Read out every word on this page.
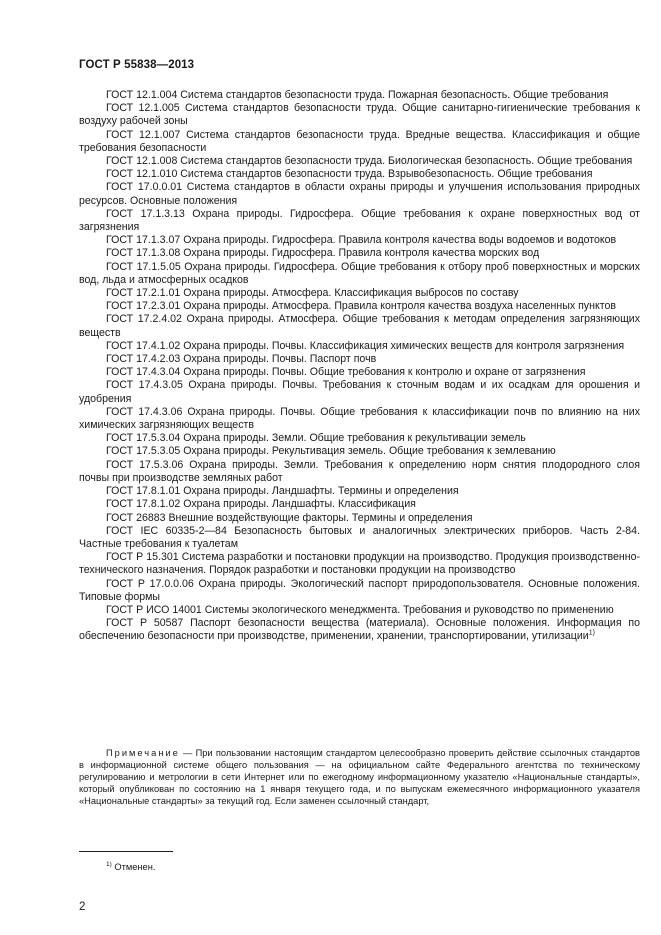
ГОСТ Р 55838—2013

ГОСТ 12.1.004 Система стандартов безопасности труда. Пожарная безопасность. Общие требования

ГОСТ 12.1.005 Система стандартов безопасности труда. Общие санитарно-гигиенические требования к воздуху рабочей зоны

ГОСТ 12.1.007 Система стандартов безопасности труда. Вредные вещества. Классификация и общие требования безопасности

ГОСТ 12.1.008 Система стандартов безопасности труда. Биологическая безопасность. Общие требования

ГОСТ 12.1.010 Система стандартов безопасности труда. Взрывобезопасность. Общие требования

ГОСТ 17.0.0.01 Система стандартов в области охраны природы и улучшения использования природных ресурсов. Основные положения

ГОСТ 17.1.3.13 Охрана природы. Гидросфера. Общие требования к охране поверхностных вод от загрязнения

ГОСТ 17.1.3.07 Охрана природы. Гидросфера. Правила контроля качества воды водоемов и водотоков

ГОСТ 17.1.3.08 Охрана природы. Гидросфера. Правила контроля качества морских вод

ГОСТ 17.1.5.05 Охрана природы. Гидросфера. Общие требования к отбору проб поверхностных и морских вод, льда и атмосферных осадков

ГОСТ 17.2.1.01 Охрана природы. Атмосфера. Классификация выбросов по составу

ГОСТ 17.2.3.01 Охрана природы. Атмосфера. Правила контроля качества воздуха населенных пунктов

ГОСТ 17.2.4.02 Охрана природы. Атмосфера. Общие требования к методам определения загрязняющих веществ

ГОСТ 17.4.1.02 Охрана природы. Почвы. Классификация химических веществ для контроля загрязнения

ГОСТ 17.4.2.03 Охрана природы. Почвы. Паспорт почв

ГОСТ 17.4.3.04 Охрана природы. Почвы. Общие требования к контролю и охране от загрязнения

ГОСТ 17.4.3.05 Охрана природы. Почвы. Требования к сточным водам и их осадкам для орошения и удобрения

ГОСТ 17.4.3.06 Охрана природы. Почвы. Общие требования к классификации почв по влиянию на них химических загрязняющих веществ

ГОСТ 17.5.3.04 Охрана природы. Земли. Общие требования к рекультивации земель

ГОСТ 17.5.3.05 Охрана природы. Рекультивация земель. Общие требования к землеванию

ГОСТ 17.5.3.06 Охрана природы. Земли. Требования к определению норм снятия плодородного слоя почвы при производстве земляных работ

ГОСТ 17.8.1.01 Охрана природы. Ландшафты. Термины и определения

ГОСТ 17.8.1.02 Охрана природы. Ландшафты. Классификация

ГОСТ 26883 Внешние воздействующие факторы. Термины и определения

ГОСТ IEC 60335-2—84 Безопасность бытовых и аналогичных электрических приборов. Часть 2-84. Частные требования к туалетам

ГОСТ Р 15.301 Система разработки и постановки продукции на производство. Продукция производственно-технического назначения. Порядок разработки и постановки продукции на производство

ГОСТ Р 17.0.0.06 Охрана природы. Экологический паспорт природопользователя. Основные положения. Типовые формы

ГОСТ Р ИСО 14001 Системы экологического менеджмента. Требования и руководство по применению

ГОСТ Р 50587 Паспорт безопасности вещества (материала). Основные положения. Информация по обеспечению безопасности при производстве, применении, хранении, транспортировании, утилизации$^{1)}$

Примечание — При пользовании настоящим стандартом целесообразно проверить действие ссылочных стандартов в информационной системе общего пользования — на официальном сайте Федерального агентства по техническому регулированию и метрологии в сети Интернет или по ежегодному информационному указателю «Национальные стандарты», который опубликован по состоянию на 1 января текущего года, и по выпускам ежемесячного информационного указателя «Национальные стандарты» за текущий год. Если заменен ссылочный стандарт,

$^{1)}$ Отменен.
2
